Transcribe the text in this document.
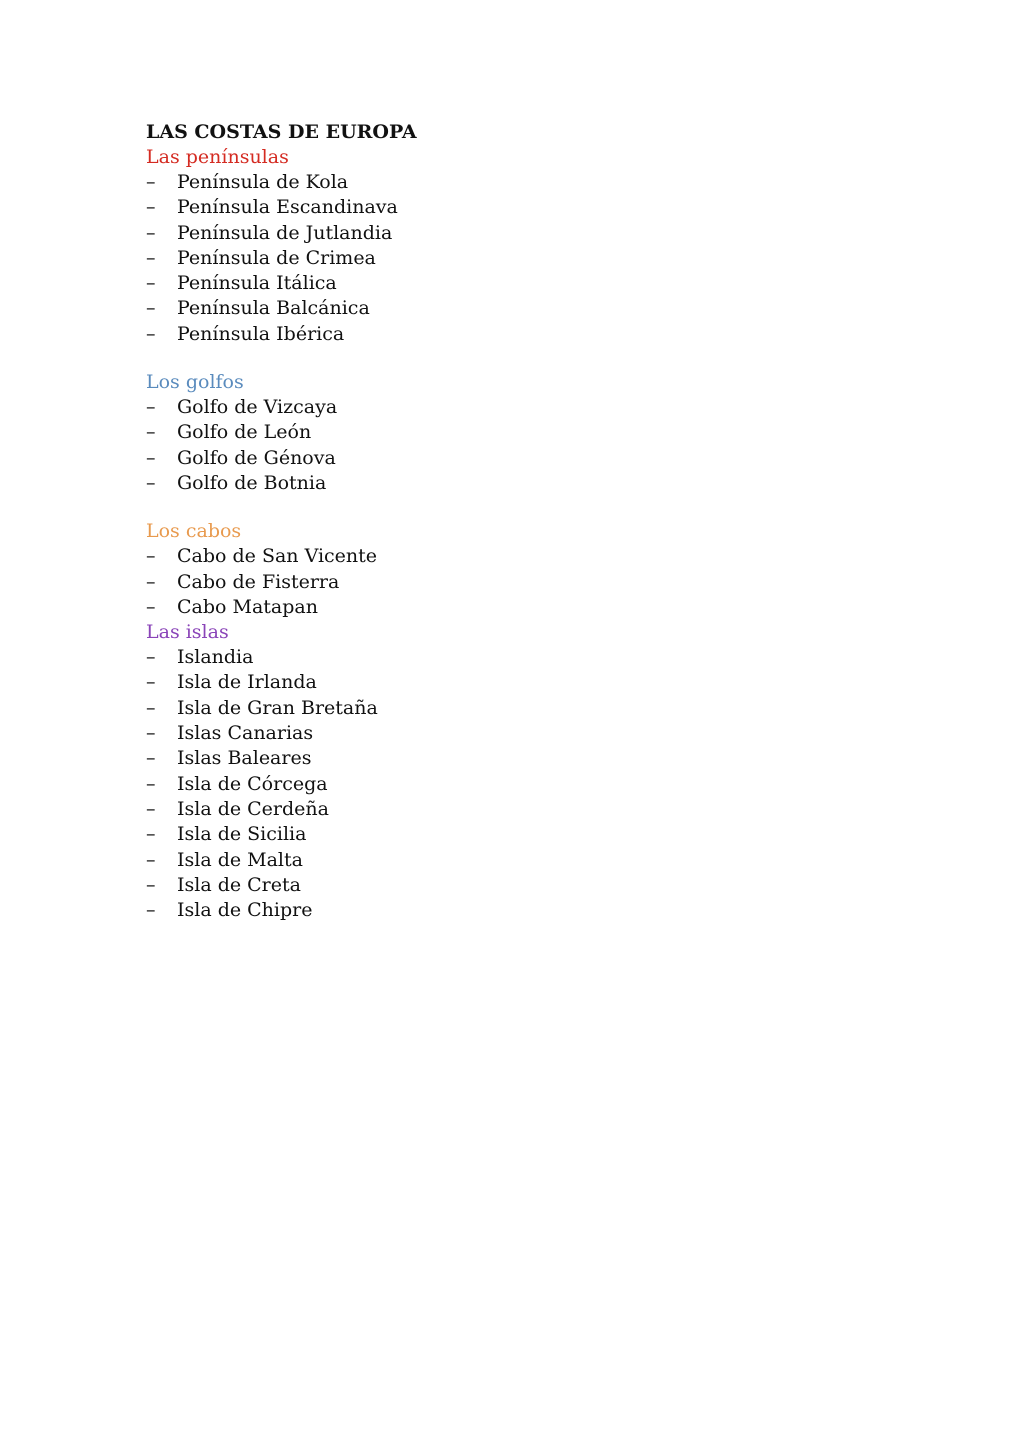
LAS COSTAS DE EUROPA
Las penínsulas
–	Península de Kola
–	Península Escandinava
–	Península de Jutlandia
–	Península de Crimea
–	Península Itálica
–	Península Balcánica
–	Península Ibérica
Los golfos
–	Golfo de Vizcaya
–	Golfo de León
–	Golfo de Génova
–	Golfo de Botnia
Los cabos
–	Cabo de San Vicente
–	Cabo de Fisterra
–	Cabo Matapan
Las islas
–	Islandia
–	Isla de Irlanda
–	Isla de Gran Bretaña
–	Islas Canarias
–	Islas Baleares
–	Isla de Córcega
–	Isla de Cerdeña
–	Isla de Sicilia
–	Isla de Malta
–	Isla de Creta
–	Isla de Chipre
